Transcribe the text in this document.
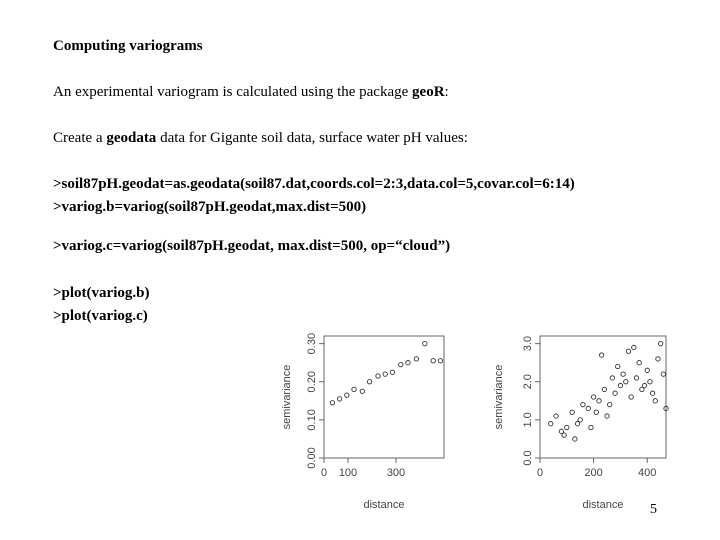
Computing variograms
An experimental variogram is calculated using the package geoR:
Create a geodata data for Gigante soil data, surface water pH values:
>soil87pH.geodat=as.geodata(soil87.dat,coords.col=2:3,data.col=5,covar.col=6:14)
>variog.b=variog(soil87pH.geodat,max.dist=500)
>variog.c=variog(soil87pH.geodat, max.dist=500, op=“cloud”)
>plot(variog.b)
>plot(variog.c)
0 100	300
0.00
0.10
0.20
0.30
semivariance
distance
0	200	400
0.0
1.0
2.0
3.0
semivariance
distance 5
